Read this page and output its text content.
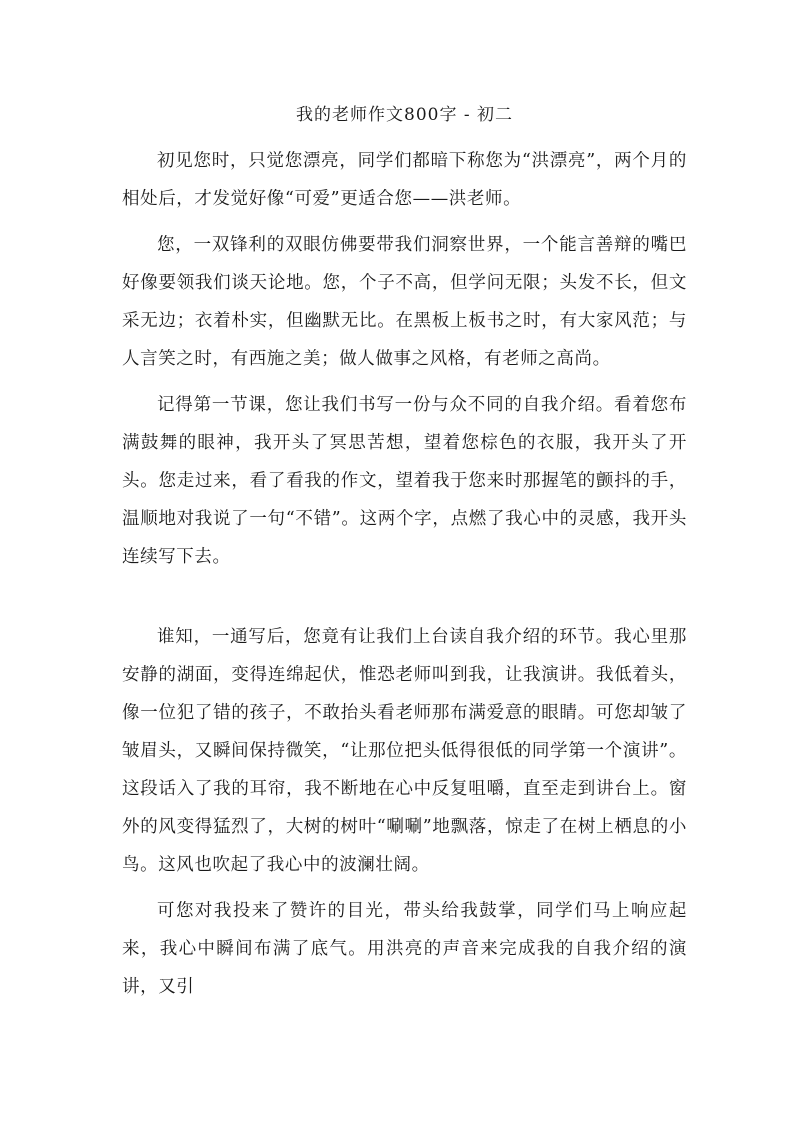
我的老师作文800字 - 初二

初见您时，只觉您漂亮，同学们都暗下称您为“洪漂亮”，两个月的相处后，才发觉好像“可爱”更适合您——洪老师。

您，一双锋利的双眼仿佛要带我们洞察世界，一个能言善辩的嘴巴好像要领我们谈天论地。您，个子不高，但学问无限；头发不长，但文采无边；衣着朴实，但幽默无比。在黑板上板书之时，有大家风范；与人言笑之时，有西施之美；做人做事之风格，有老师之高尚。

记得第一节课，您让我们书写一份与众不同的自我介绍。看着您布满鼓舞的眼神，我开头了冥思苦想，望着您棕色的衣服，我开头了开头。您走过来，看了看我的作文，望着我于您来时那握笔的颤抖的手，温顺地对我说了一句“不错”。这两个字，点燃了我心中的灵感，我开头连续写下去。

谁知，一通写后，您竟有让我们上台读自我介绍的环节。我心里那安静的湖面，变得连绵起伏，惟恐老师叫到我，让我演讲。我低着头，像一位犯了错的孩子，不敢抬头看老师那布满爱意的眼睛。可您却皱了皱眉头，又瞬间保持微笑，“让那位把头低得很低的同学第一个演讲”。这段话入了我的耳帘，我不断地在心中反复咀嚼，直至走到讲台上。窗外的风变得猛烈了，大树的树叶“唰唰”地飘落，惊走了在树上栖息的小鸟。这风也吹起了我心中的波澜壮阔。

可您对我投来了赞许的目光，带头给我鼓掌，同学们马上响应起来，我心中瞬间布满了底气。用洪亮的声音来完成我的自我介绍的演讲，又引
